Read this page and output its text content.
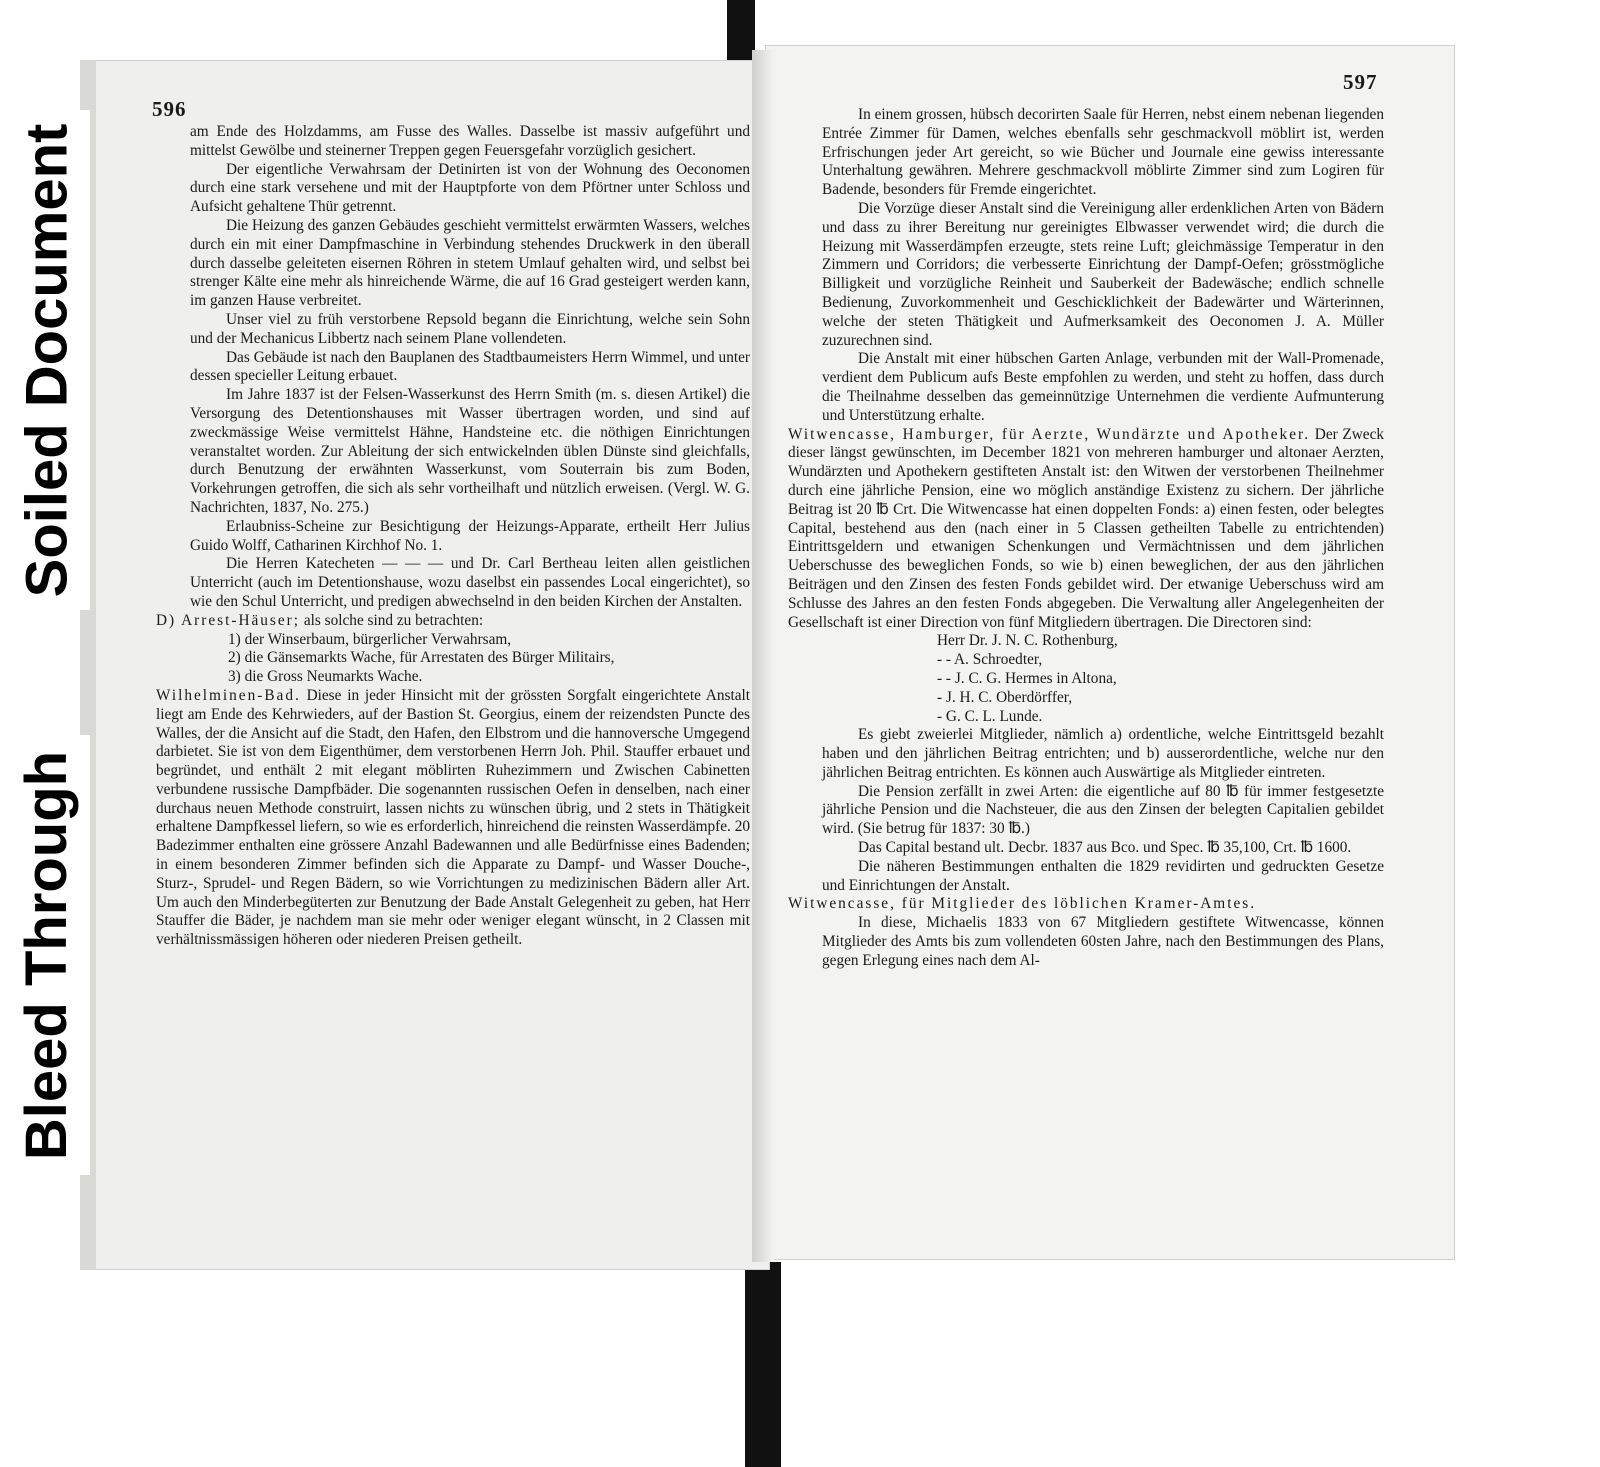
Soiled Document
Bleed Through
596
597

am Ende des Holzdamms, am Fusse des Walles. Dasselbe ist massiv aufgeführt und mittelst Gewölbe und steinerner Treppen gegen Feuersgefahr vorzüglich gesichert.

Der eigentliche Verwahrsam der Detinirten ist von der Wohnung des Oeconomen durch eine stark versehene und mit der Hauptpforte von dem Pförtner unter Schloss und Aufsicht gehaltene Thür getrennt.

Die Heizung des ganzen Gebäudes geschieht vermittelst erwärmten Wassers, welches durch ein mit einer Dampfmaschine in Verbindung stehendes Druckwerk in den überall durch dasselbe geleiteten eisernen Röhren in stetem Umlauf gehalten wird, und selbst bei strenger Kälte eine mehr als hinreichende Wärme, die auf 16 Grad gesteigert werden kann, im ganzen Hause verbreitet.

Unser viel zu früh verstorbene Repsold begann die Einrichtung, welche sein Sohn und der Mechanicus Libbertz nach seinem Plane vollendeten.

Das Gebäude ist nach den Bauplanen des Stadtbaumeisters Herrn Wimmel, und unter dessen specieller Leitung erbauet.

Im Jahre 1837 ist der Felsen-Wasserkunst des Herrn Smith (m. s. diesen Artikel) die Versorgung des Detentionshauses mit Wasser übertragen worden, und sind auf zweckmässige Weise vermittelst Hähne, Handsteine etc. die nöthigen Einrichtungen veranstaltet worden. Zur Ableitung der sich entwickelnden üblen Dünste sind gleichfalls, durch Benutzung der erwähnten Wasserkunst, vom Souterrain bis zum Boden, Vorkehrungen getroffen, die sich als sehr vortheilhaft und nützlich erweisen. (Vergl. W. G. Nachrichten, 1837, No. 275.)

Erlaubniss-Scheine zur Besichtigung der Heizungs-Apparate, ertheilt Herr Julius Guido Wolff, Catharinen Kirchhof No. 1.

Die Herren Katecheten — — — und Dr. Carl Bertheau leiten allen geistlichen Unterricht (auch im Detentionshause, wozu daselbst ein passendes Local eingerichtet), so wie den Schul Unterricht, und predigen abwechselnd in den beiden Kirchen der Anstalten.

D) Arrest-Häuser; als solche sind zu betrachten:

1) der Winserbaum, bürgerlicher Verwahrsam,
2) die Gänsemarkts Wache, für Arrestaten des Bürger Militairs,
3) die Gross Neumarkts Wache.

Wilhelminen-Bad. Diese in jeder Hinsicht mit der grössten Sorgfalt eingerichtete Anstalt liegt am Ende des Kehrwieders, auf der Bastion St. Georgius, einem der reizendsten Puncte des Walles, der die Ansicht auf die Stadt, den Hafen, den Elbstrom und die hannoversche Umgegend darbietet. Sie ist von dem Eigenthümer, dem verstorbenen Herrn Joh. Phil. Stauffer erbauet und begründet, und enthält 2 mit elegant möblirten Ruhezimmern und Zwischen Cabinetten verbundene russische Dampfbäder. Die sogenannten russischen Oefen in denselben, nach einer durchaus neuen Methode construirt, lassen nichts zu wünschen übrig, und 2 stets in Thätigkeit erhaltene Dampfkessel liefern, so wie es erforderlich, hinreichend die reinsten Wasserdämpfe. 20 Badezimmer enthalten eine grössere Anzahl Badewannen und alle Bedürfnisse eines Badenden; in einem besonderen Zimmer befinden sich die Apparate zu Dampf- und Wasser Douche-, Sturz-, Sprudel- und Regen Bädern, so wie Vorrichtungen zu medizinischen Bädern aller Art. Um auch den Minderbegüterten zur Benutzung der Bade Anstalt Gelegenheit zu geben, hat Herr Stauffer die Bäder, je nachdem man sie mehr oder weniger elegant wünscht, in 2 Classen mit verhältnissmässigen höheren oder niederen Preisen getheilt.

In einem grossen, hübsch decorirten Saale für Herren, nebst einem nebenan liegenden Entrée Zimmer für Damen, welches ebenfalls sehr geschmackvoll möblirt ist, werden Erfrischungen jeder Art gereicht, so wie Bücher und Journale eine gewiss interessante Unterhaltung gewähren. Mehrere geschmackvoll möblirte Zimmer sind zum Logiren für Badende, besonders für Fremde eingerichtet.

Die Vorzüge dieser Anstalt sind die Vereinigung aller erdenklichen Arten von Bädern und dass zu ihrer Bereitung nur gereinigtes Elbwasser verwendet wird; die durch die Heizung mit Wasserdämpfen erzeugte, stets reine Luft; gleichmässige Temperatur in den Zimmern und Corridors; die verbesserte Einrichtung der Dampf-Oefen; grösstmögliche Billigkeit und vorzügliche Reinheit und Sauberkeit der Badewäsche; endlich schnelle Bedienung, Zuvorkommenheit und Geschicklichkeit der Badewärter und Wärterinnen, welche der steten Thätigkeit und Aufmerksamkeit des Oeconomen J. A. Müller zuzurechnen sind.

Die Anstalt mit einer hübschen Garten Anlage, verbunden mit der Wall-Promenade, verdient dem Publicum aufs Beste empfohlen zu werden, und steht zu hoffen, dass durch die Theilnahme desselben das gemeinnützige Unternehmen die verdiente Aufmunterung und Unterstützung erhalte.

Witwencasse, Hamburger, für Aerzte, Wundärzte und Apotheker. Der Zweck dieser längst gewünschten, im December 1821 von mehreren hamburger und altonaer Aerzten, Wundärzten und Apothekern gestifteten Anstalt ist: den Witwen der verstorbenen Theilnehmer durch eine jährliche Pension, eine wo möglich anständige Existenz zu sichern. Der jährliche Beitrag ist 20 ℔ Crt. Die Witwencasse hat einen doppelten Fonds: a) einen festen, oder belegtes Capital, bestehend aus den (nach einer in 5 Classen getheilten Tabelle zu entrichtenden) Eintrittsgeldern und etwanigen Schenkungen und Vermächtnissen und dem jährlichen Ueberschusse des beweglichen Fonds, so wie b) einen beweglichen, der aus den jährlichen Beiträgen und den Zinsen des festen Fonds gebildet wird. Der etwanige Ueberschuss wird am Schlusse des Jahres an den festen Fonds abgegeben. Die Verwaltung aller Angelegenheiten der Gesellschaft ist einer Direction von fünf Mitgliedern übertragen. Die Directoren sind:

Herr Dr. J. N. C. Rothenburg,
- - A. Schroedter,
- - J. C. G. Hermes in Altona,
- J. H. C. Oberdörffer,
- G. C. L. Lunde.

Es giebt zweierlei Mitglieder, nämlich a) ordentliche, welche Eintrittsgeld bezahlt haben und den jährlichen Beitrag entrichten; und b) ausserordentliche, welche nur den jährlichen Beitrag entrichten. Es können auch Auswärtige als Mitglieder eintreten.

Die Pension zerfällt in zwei Arten: die eigentliche auf 80 ℔ für immer festgesetzte jährliche Pension und die Nachsteuer, die aus den Zinsen der belegten Capitalien gebildet wird. (Sie betrug für 1837: 30 ℔.)

Das Capital bestand ult. Decbr. 1837 aus Bco. und Spec. ℔ 35,100, Crt. ℔ 1600.

Die näheren Bestimmungen enthalten die 1829 revidirten und gedruckten Gesetze und Einrichtungen der Anstalt.

Witwencasse, für Mitglieder des löblichen Kramer-Amtes.

In diese, Michaelis 1833 von 67 Mitgliedern gestiftete Witwencasse, können Mitglieder des Amts bis zum vollendeten 60sten Jahre, nach den Bestimmungen des Plans, gegen Erlegung eines nach dem Al-
